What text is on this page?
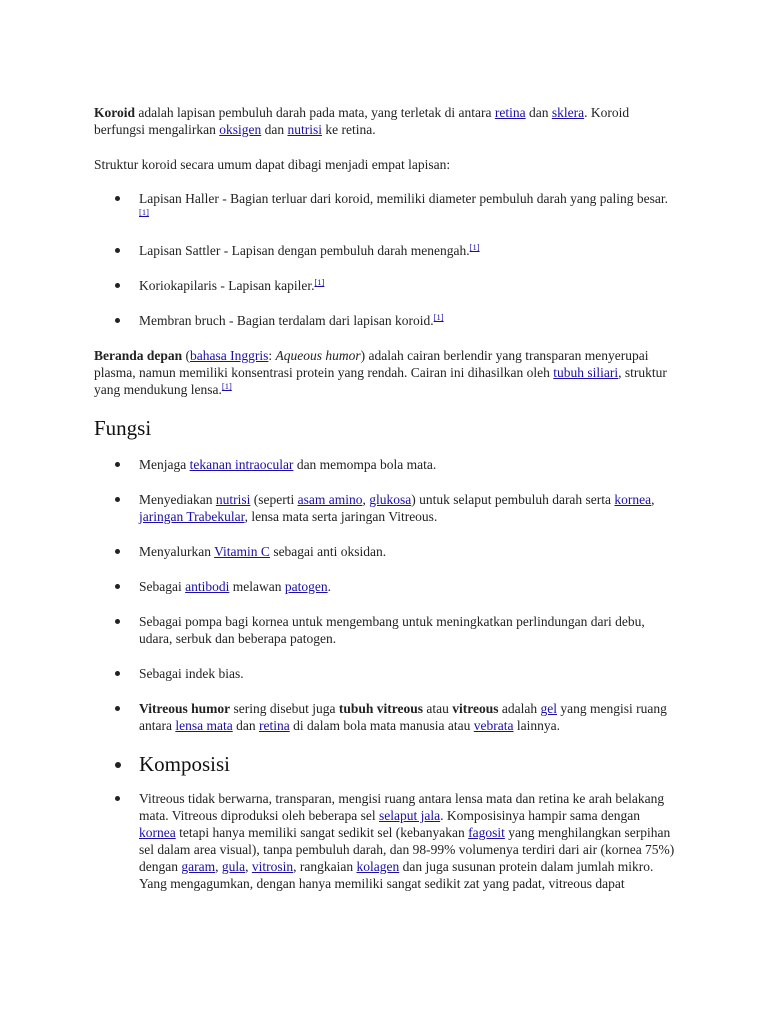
Koroid adalah lapisan pembuluh darah pada mata, yang terletak di antara retina dan sklera. Koroid berfungsi mengalirkan oksigen dan nutrisi ke retina.

Struktur koroid secara umum dapat dibagi menjadi empat lapisan:

Lapisan Haller - Bagian terluar dari koroid, memiliki diameter pembuluh darah yang paling besar.[1]
Lapisan Sattler - Lapisan dengan pembuluh darah menengah.[1]
Koriokapilaris - Lapisan kapiler.[1]
Membran bruch - Bagian terdalam dari lapisan koroid.[1]

Beranda depan (bahasa Inggris: Aqueous humor) adalah cairan berlendir yang transparan menyerupai plasma, namun memiliki konsentrasi protein yang rendah. Cairan ini dihasilkan oleh tubuh siliari, struktur yang mendukung lensa.[1]

Fungsi
Menjaga tekanan intraocular dan memompa bola mata.
Menyediakan nutrisi (seperti asam amino, glukosa) untuk selaput pembuluh darah serta kornea, jaringan Trabekular, lensa mata serta jaringan Vitreous.
Menyalurkan Vitamin C sebagai anti oksidan.
Sebagai antibodi melawan patogen.
Sebagai pompa bagi kornea untuk mengembang untuk meningkatkan perlindungan dari debu, udara, serbuk dan beberapa patogen.
Sebagai indek bias.
Vitreous humor sering disebut juga tubuh vitreous atau vitreous adalah gel yang mengisi ruang antara lensa mata dan retina di dalam bola mata manusia atau vebrata lainnya.
Komposisi
Vitreous tidak berwarna, transparan, mengisi ruang antara lensa mata dan retina ke arah belakang mata. Vitreous diproduksi oleh beberapa sel selaput jala. Komposisinya hampir sama dengan kornea tetapi hanya memiliki sangat sedikit sel (kebanyakan fagosit yang menghilangkan serpihan sel dalam area visual), tanpa pembuluh darah, dan 98-99% volumenya terdiri dari air (kornea 75%) dengan garam, gula, vitrosin, rangkaian kolagen dan juga susunan protein dalam jumlah mikro. Yang mengagumkan, dengan hanya memiliki sangat sedikit zat yang padat, vitreous dapat
